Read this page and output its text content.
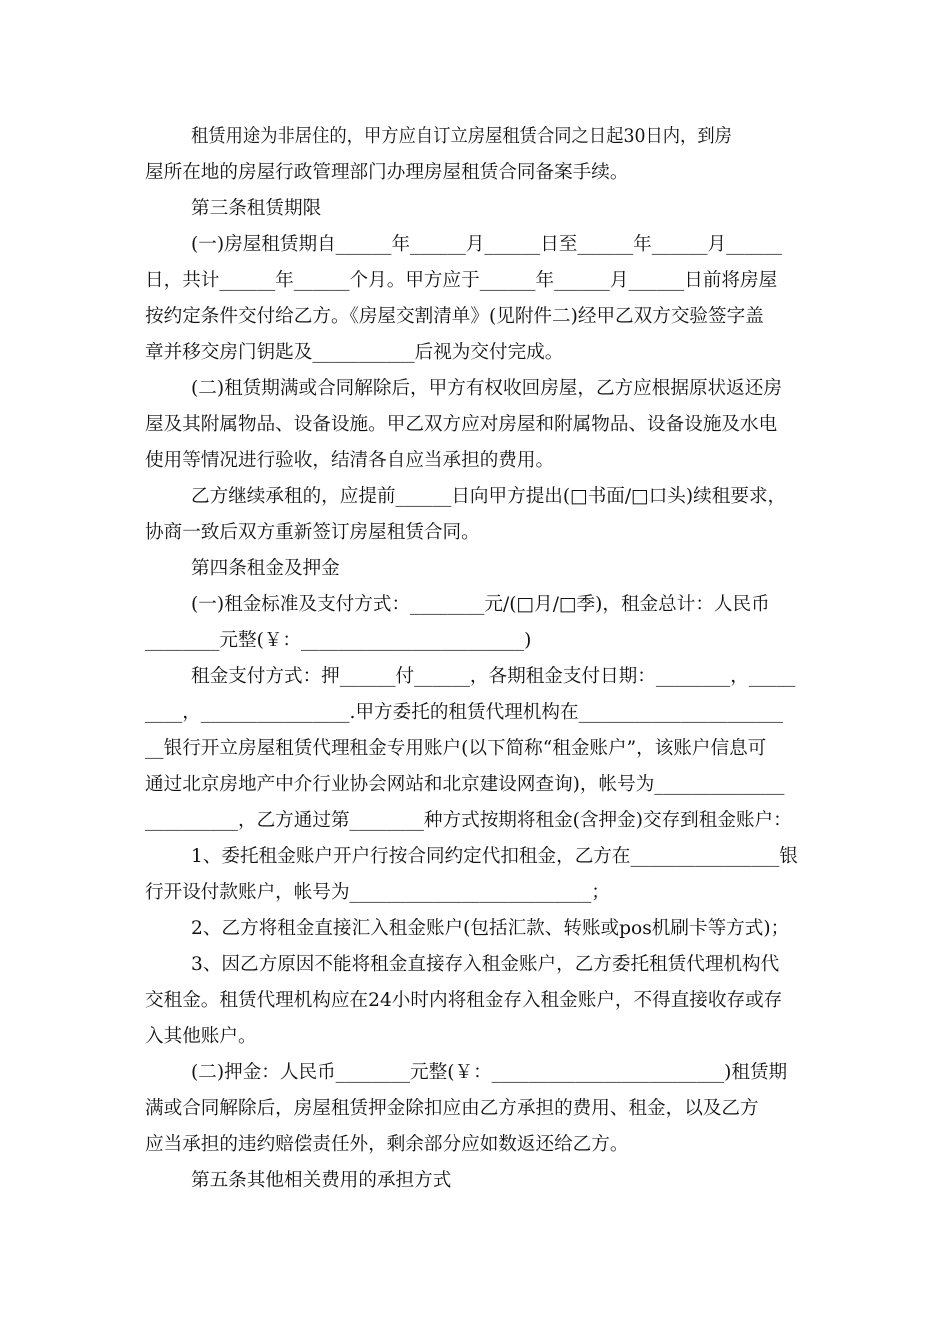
租赁用途为非居住的，甲方应自订立房屋租赁合同之日起30日内，到房
屋所在地的房屋行政管理部门办理房屋租赁合同备案手续。
第三条租赁期限
(一)房屋租赁期自______年______月______日至______年______月______
日，共计______年______个月。甲方应于______年______月______日前将房屋
按约定条件交付给乙方。《房屋交割清单》(见附件二)经甲乙双方交验签字盖
章并移交房门钥匙及___________后视为交付完成。
(二)租赁期满或合同解除后，甲方有权收回房屋，乙方应根据原状返还房
屋及其附属物品、设备设施。甲乙双方应对房屋和附属物品、设备设施及水电
使用等情况进行验收，结清各自应当承担的费用。
乙方继续承租的，应提前______日向甲方提出(□书面/□口头)续租要求，
协商一致后双方重新签订房屋租赁合同。
第四条租金及押金
(一)租金标准及支付方式：________元/(□月/□季)，租金总计：人民币
________元整(￥：________________________)
租金支付方式：押______付______，各期租金支付日期：________，_____
____，________________.甲方委托的租赁代理机构在______________________
__银行开立房屋租赁代理租金专用账户(以下简称“租金账户”，该账户信息可
通过北京房地产中介行业协会网站和北京建设网查询)，帐号为______________
__________，乙方通过第________种方式按期将租金(含押金)交存到租金账户：
1、委托租金账户开户行按合同约定代扣租金，乙方在________________银
行开设付款账户，帐号为__________________________；
2、乙方将租金直接汇入租金账户(包括汇款、转账或pos机刷卡等方式)；
3、因乙方原因不能将租金直接存入租金账户，乙方委托租赁代理机构代
交租金。租赁代理机构应在24小时内将租金存入租金账户，不得直接收存或存
入其他账户。
(二)押金：人民币________元整(￥：_________________________)租赁期
满或合同解除后，房屋租赁押金除扣应由乙方承担的费用、租金，以及乙方
应当承担的违约赔偿责任外，剩余部分应如数返还给乙方。
第五条其他相关费用的承担方式
